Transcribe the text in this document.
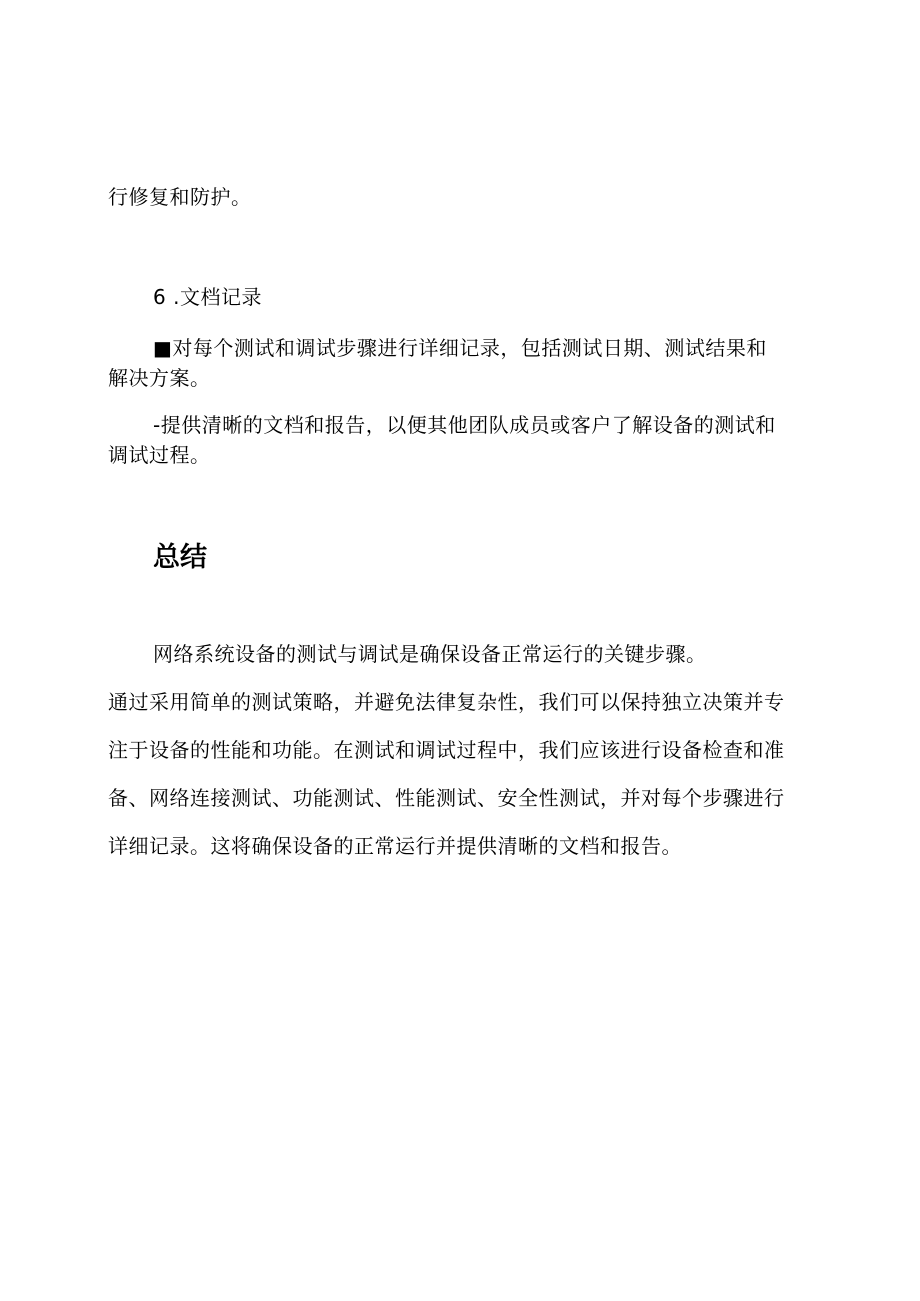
行修复和防护。
6 .文档记录
■对每个测试和调试步骤进行详细记录，包括测试日期、测试结果和
解决方案。
-提供清晰的文档和报告，以便其他团队成员或客户了解设备的测试和
调试过程。
总结
网络系统设备的测试与调试是确保设备正常运行的关键步骤。
通过采用简单的测试策略，并避免法律复杂性，我们可以保持独立决策并专
注于设备的性能和功能。在测试和调试过程中，我们应该进行设备检查和准
备、网络连接测试、功能测试、性能测试、安全性测试，并对每个步骤进行
详细记录。这将确保设备的正常运行并提供清晰的文档和报告。
